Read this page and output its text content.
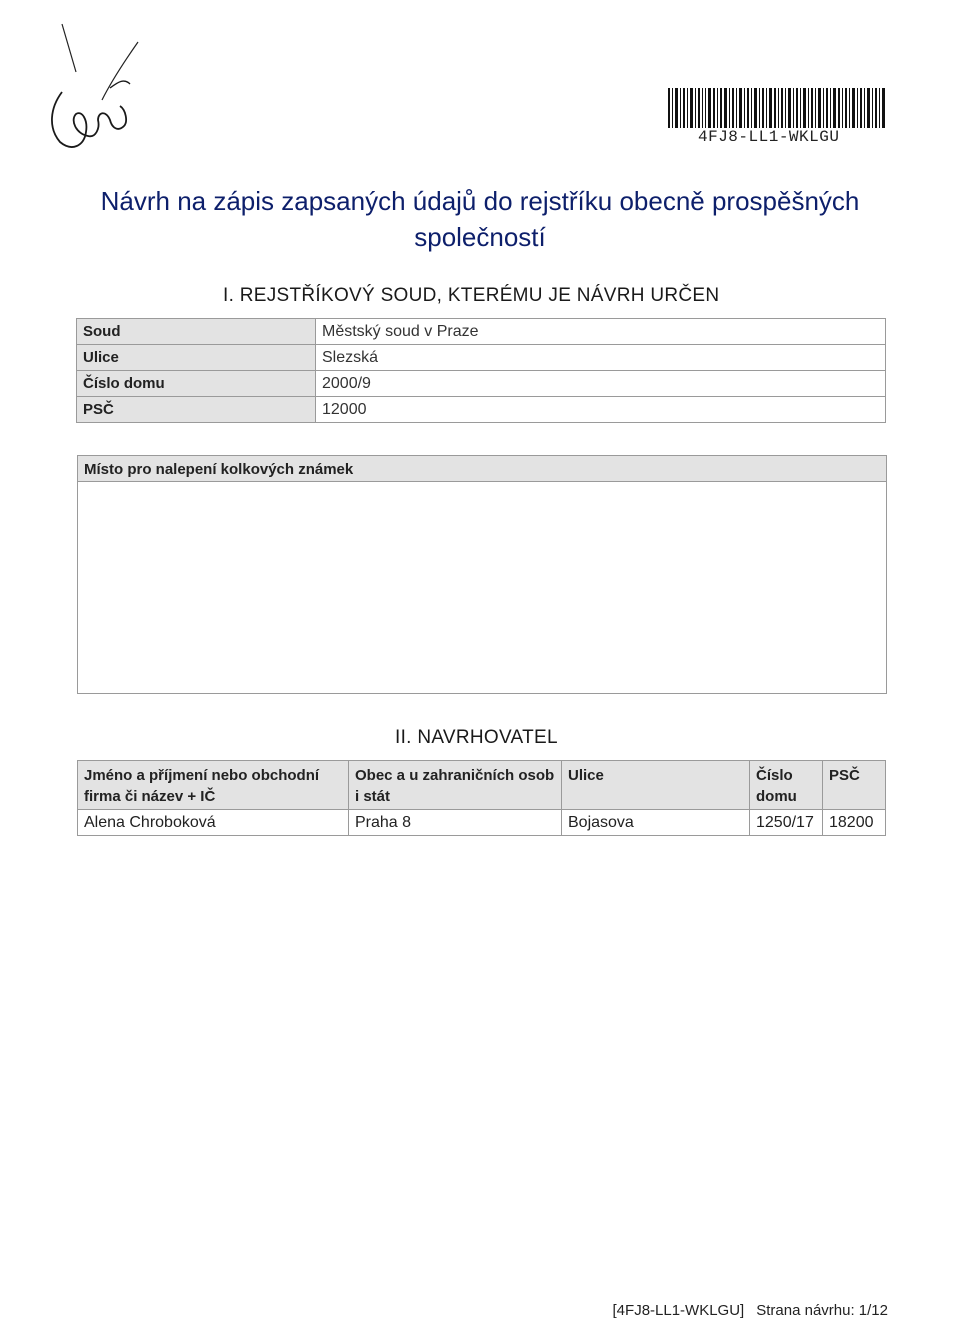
4FJ8-LL1-WKLGU
Návrh na zápis zapsaných údajů do rejstříku obecně prospěšných společností
I. REJSTŘÍKOVÝ SOUD, KTERÉMU JE NÁVRH URČEN
Soud	Městský soud v Praze
Ulice	Slezská
Číslo domu	2000/9
PSČ	12000
Místo pro nalepení kolkových známek
II. NAVRHOVATEL
Jméno a příjmení nebo obchodní firma či název + IČ	Obec a u zahraničních osob i stát	Ulice	Číslo domu	PSČ
Alena Chroboková	Praha 8	Bojasova	1250/17	18200
[4FJ8-LL1-WKLGU] Strana návrhu: 1/12
